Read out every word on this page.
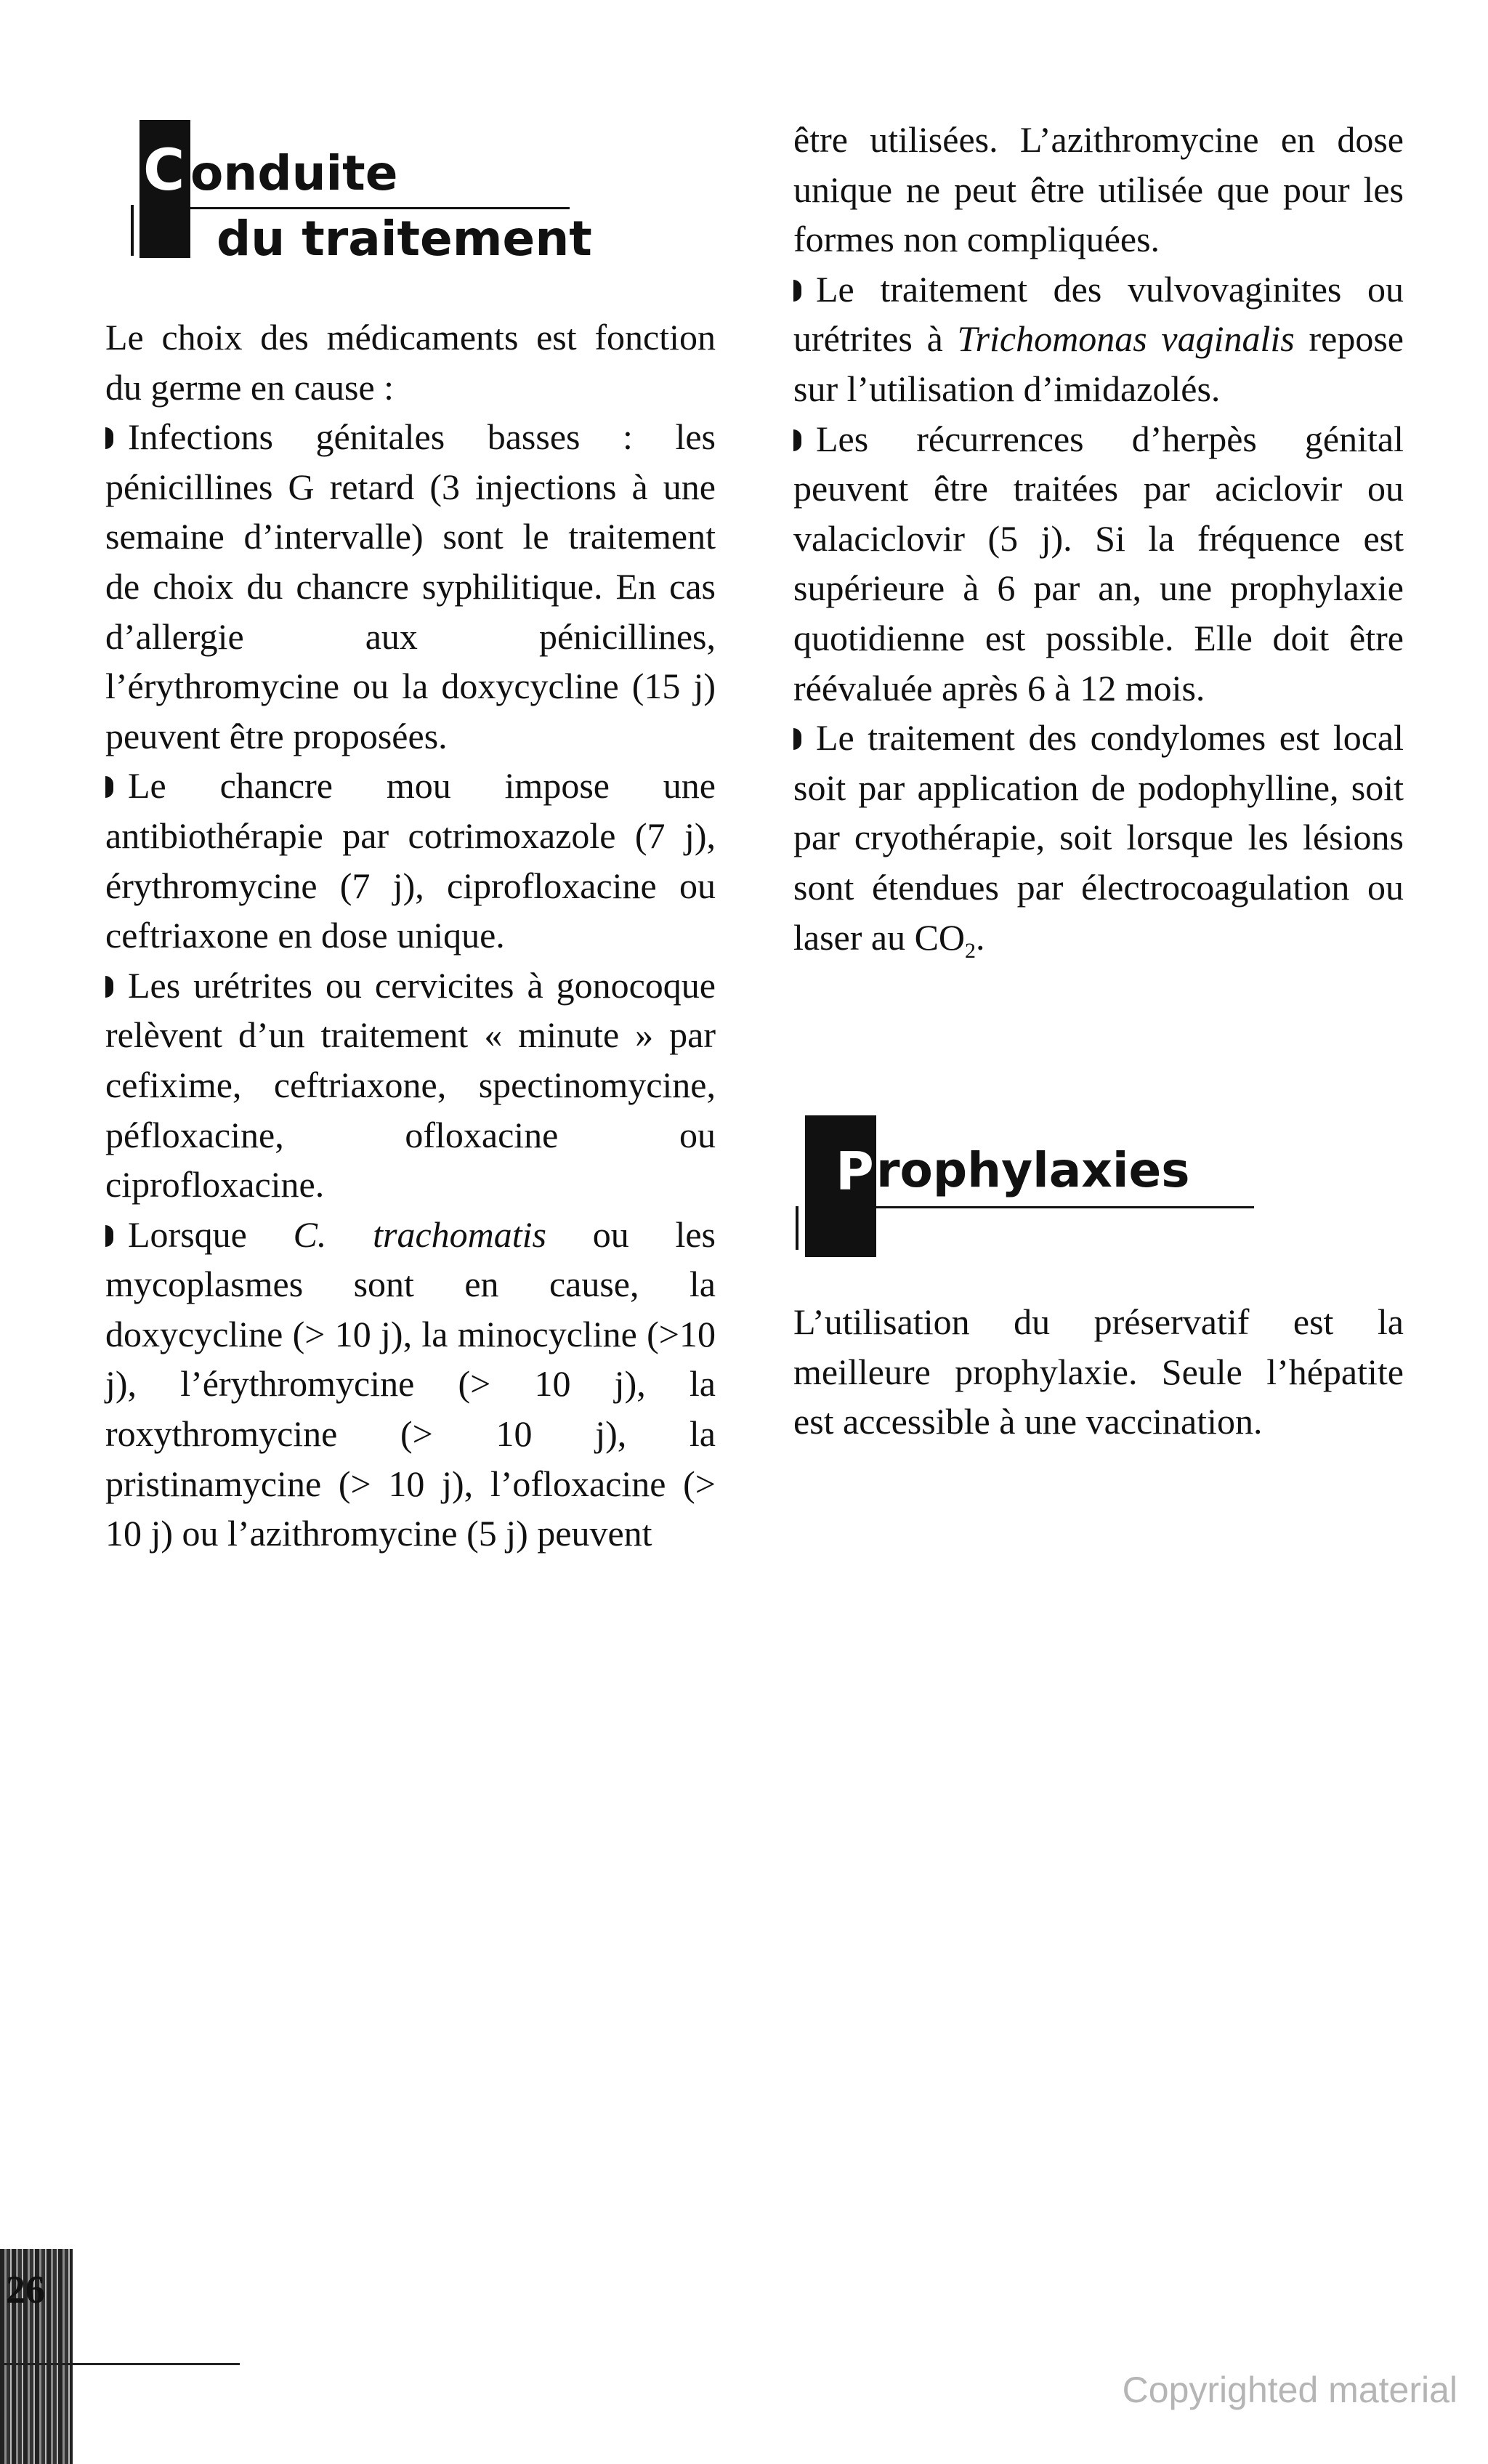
C onduite
du traitement

Le choix des médicaments est fonction du germe en cause :

Infections génitales basses : les pénicillines G retard (3 injections à une semaine d’intervalle) sont le traitement de choix du chancre syphilitique. En cas d’allergie aux pénicillines, l’érythromycine ou la doxycycline (15 j) peuvent être proposées.

Le chancre mou impose une antibiothérapie par cotrimoxazole (7 j), érythromycine (7 j), ciprofloxacine ou ceftriaxone en dose unique.

Les urétrites ou cervicites à gonocoque relèvent d’un traitement « minute » par cefixime, ceftriaxone, spectinomycine, péfloxacine, ofloxacine ou ciprofloxacine.

Lorsque C. trachomatis ou les mycoplasmes sont en cause, la doxycycline (> 10 j), la minocycline (>10 j), l’érythromycine (> 10 j), la roxythromycine (> 10 j), la pristinamycine (> 10 j), l’ofloxacine (> 10 j) ou l’azithromycine (5 j) peuvent

être utilisées. L’azithromycine en dose unique ne peut être utilisée que pour les formes non compliquées.

Le traitement des vulvovaginites ou urétrites à Trichomonas vaginalis repose sur l’utilisation d’imidazolés.

Les récurrences d’herpès génital peuvent être traitées par aciclovir ou valaciclovir (5 j). Si la fréquence est supérieure à 6 par an, une prophylaxie quotidienne est possible. Elle doit être réévaluée après 6 à 12 mois.

Le traitement des condylomes est local soit par application de podophylline, soit par cryothérapie, soit lorsque les lésions sont étendues par électrocoagulation ou laser au $CO_2$.

P rophylaxies

L’utilisation du préservatif est la meilleure prophylaxie. Seule l’hépatite est accessible à une vaccination.

26
Copyrighted material
